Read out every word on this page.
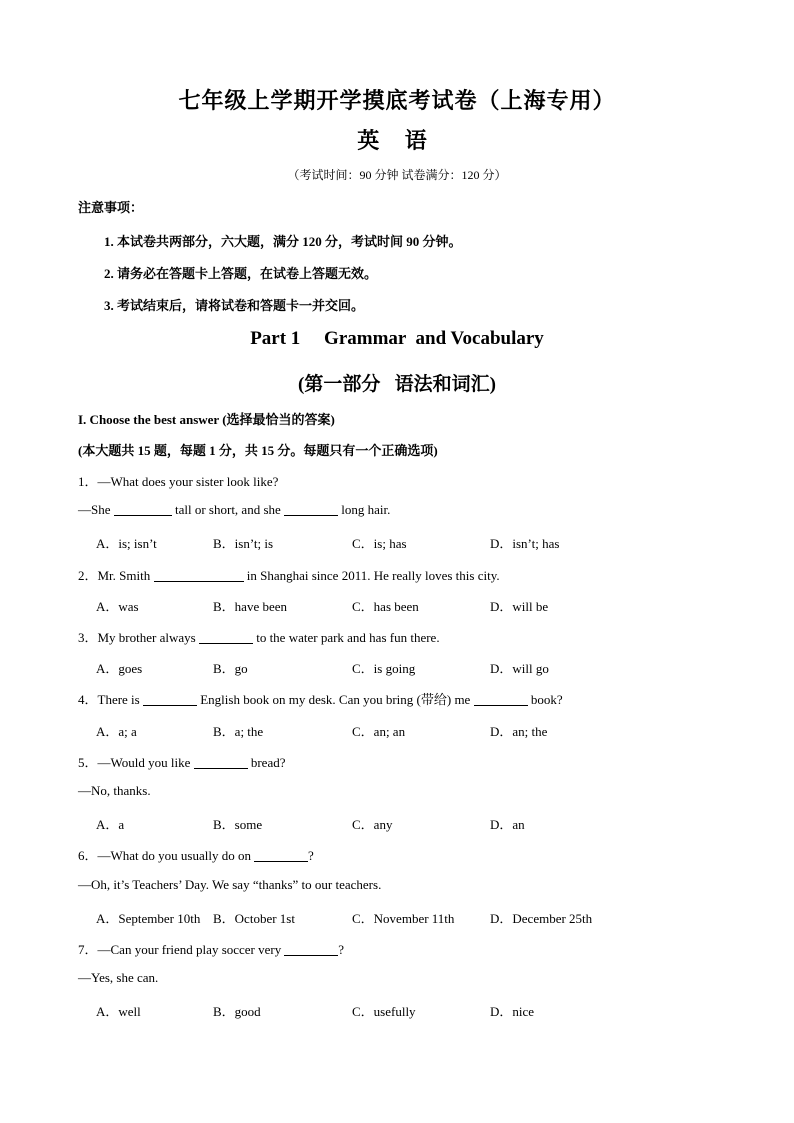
七年级上学期开学摸底考试卷（上海专用）
英 语
（考试时间：90 分钟 试卷满分：120 分）
注意事项：
1. 本试卷共两部分，六大题，满分 120 分，考试时间 90 分钟。
2. 请务必在答题卡上答题，在试卷上答题无效。
3. 考试结束后，请将试卷和答题卡一并交回。
Part 1     Grammar  and Vocabulary
(第一部分   语法和词汇)
I. Choose the best answer (选择最恰当的答案)
(本大题共 15 题，每题 1 分，共 15 分。每题只有一个正确选项)
1．—What does your sister look like?
—She	tall or short, and she	long hair.
A．is; isn’t	B．isn’t; is	C．is; has	D．isn’t; has
2．Mr. Smith	in Shanghai since 2011. He really loves this city.
A．was	B．have been	C．has been	D．will be
3．My brother always	to the water park and has fun there.
A．goes	B．go	C．is going	D．will go
4．There is	English book on my desk. Can you bring (带给) me	book?
A．a; a	B．a; the	C．an; an	D．an; the
5．—Would you like	bread?
—No, thanks.
A．a	B．some	C．any	D．an
6．—What do you usually do on	?
—Oh, it’s Teachers’ Day. We say “thanks” to our teachers.
A．September 10th B．October 1st	C．November 11th	D．December 25th
7．—Can your friend play soccer very	?
—Yes, she can.
A．well	B．good	C．usefully	D．nice
